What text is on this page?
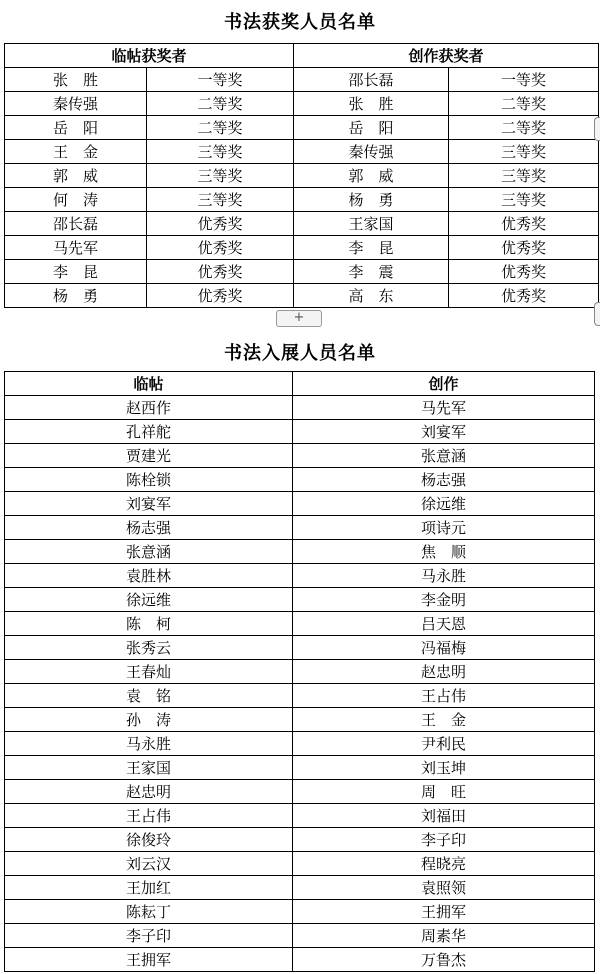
书法获奖人员名单
临帖获奖者		创作获奖者	
张　胜	一等奖	邵长磊	一等奖
秦传强	二等奖	张　胜	二等奖
岳　阳	二等奖	岳　阳	二等奖
王　金	三等奖	秦传强	三等奖
郭　威	三等奖	郭　威	三等奖
何　涛	三等奖	杨　勇	三等奖
邵长磊	优秀奖	王家国	优秀奖
马先军	优秀奖	李　昆	优秀奖
李　昆	优秀奖	李　震	优秀奖
杨　勇	优秀奖	高　东	优秀奖
+
书法入展人员名单
临帖	创作
赵西作	马先军
孔祥舵	刘宴军
贾建光	张意涵
陈栓锁	杨志强
刘宴军	徐远维
杨志强	项诗元
张意涵	焦　顺
袁胜林	马永胜
徐远维	李金明
陈　柯	吕天恩
张秀云	冯福梅
王春灿	赵忠明
袁　铭	王占伟
孙　涛	王　金
马永胜	尹利民
王家国	刘玉坤
赵忠明	周　旺
王占伟	刘福田
徐俊玲	李子印
刘云汉	程晓亮
王加红	袁照领
陈耘丁	王拥军
李子印	周素华
王拥军	万鲁杰
